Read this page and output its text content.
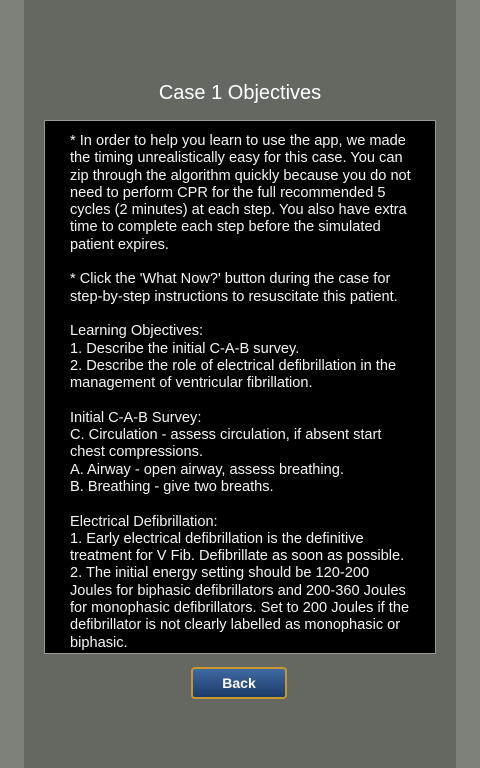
Case 1 Objectives

* In order to help you learn to use the app, we made the timing unrealistically easy for this case. You can zip through the algorithm quickly because you do not need to perform CPR for the full recommended 5 cycles (2 minutes) at each step. You also have extra time to complete each step before the simulated patient expires.

* Click the 'What Now?' button during the case for step-by-step instructions to resuscitate this patient.

Learning Objectives:
1. Describe the initial C-A-B survey.
2. Describe the role of electrical defibrillation in the management of ventricular fibrillation.

Initial C-A-B Survey:
C. Circulation - assess circulation, if absent start chest compressions.
A. Airway - open airway, assess breathing.
B. Breathing - give two breaths.

Electrical Defibrillation:
1. Early electrical defibrillation is the definitive treatment for V Fib. Defibrillate as soon as possible.
2. The initial energy setting should be 120-200 Joules for biphasic defibrillators and 200-360 Joules for monophasic defibrillators. Set to 200 Joules if the defibrillator is not clearly labelled as monophasic or biphasic.

Back
